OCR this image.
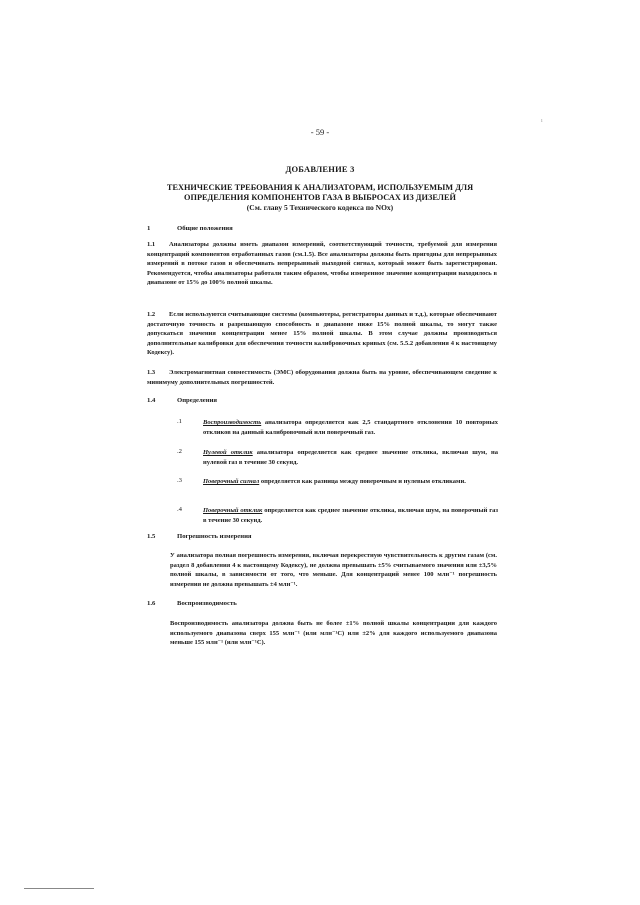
ı
- 59 -
ДОБАВЛЕНИЕ 3
ТЕХНИЧЕСКИЕ ТРЕБОВАНИЯ К АНАЛИЗАТОРАМ, ИСПОЛЬЗУЕМЫМ ДЛЯ
ОПРЕДЕЛЕНИЯ КОМПОНЕНТОВ ГАЗА В ВЫБРОСАХ ИЗ ДИЗЕЛЕЙ

(См. главу 5 Технического кодекса по NOx)
1	Общие положения
1.1 Анализаторы должны иметь диапазон измерений, соответствующий точности, требуемой для измерения концентраций компонентов отработанных газов (см.1.5). Все анализаторы должны быть пригодны для непрерывных измерений в потоке газов и обеспечивать непрерывный выходной сигнал, который может быть зарегистрирован. Рекомендуется, чтобы анализаторы работали таким образом, чтобы измеренное значение концентрации находилось в диапазоне от 15% до 100% полной шкалы.
1.2 Если используются считывающие системы (компьютеры, регистраторы данных и т.д.), которые обеспечивают достаточную точность и разрешающую способность в диапазоне ниже 15% полной шкалы, то могут также допускаться значения концентрации менее 15% полной шкалы. В этом случае должны производиться дополнительные калибровки для обеспечения точности калибровочных кривых (см. 5.5.2 добавления 4 к настоящему Кодексу).
1.3 Электромагнитная совместимость (ЭМС) оборудования должна быть на уровне, обеспечивающем сведение к минимуму дополнительных погрешностей.
1.4	Определения
.1	Воспроизводимость анализатора определяется как 2,5 стандартного отклонения 10 повторных откликов на данный калибровочный или поверочный газ.
.2	Нулевой отклик анализатора определяется как среднее значение отклика, включая шум, на нулевой газ в течение 30 секунд.
.3	Поверочный сигнал определяется как разница между поверочным и нулевым откликами.
.4	Поверочный отклик определяется как среднее значение отклика, включая шум, на поверочный газ в течение 30 секунд.
1.5	Погрешность измерения
У анализатора полная погрешность измерения, включая перекрестную чувствительность к другим газам (см. раздел 8 добавления 4 к настоящему Кодексу), не должна превышать ±5% считываемого значения или ±3,5% полной шкалы, в зависимости от того, что меньше. Для концентраций менее 100 млн⁻¹ погрешность измерения не должна превышать ±4 млн⁻¹.
1.6	Воспроизводимость
Воспроизводимость анализатора должна быть не более ±1% полной шкалы концентрации для каждого используемого диапазона сверх 155 млн⁻¹ (или млн⁻¹С) или ±2% для каждого используемого диапазона меньше 155 млн⁻¹ (или млн⁻¹С).
